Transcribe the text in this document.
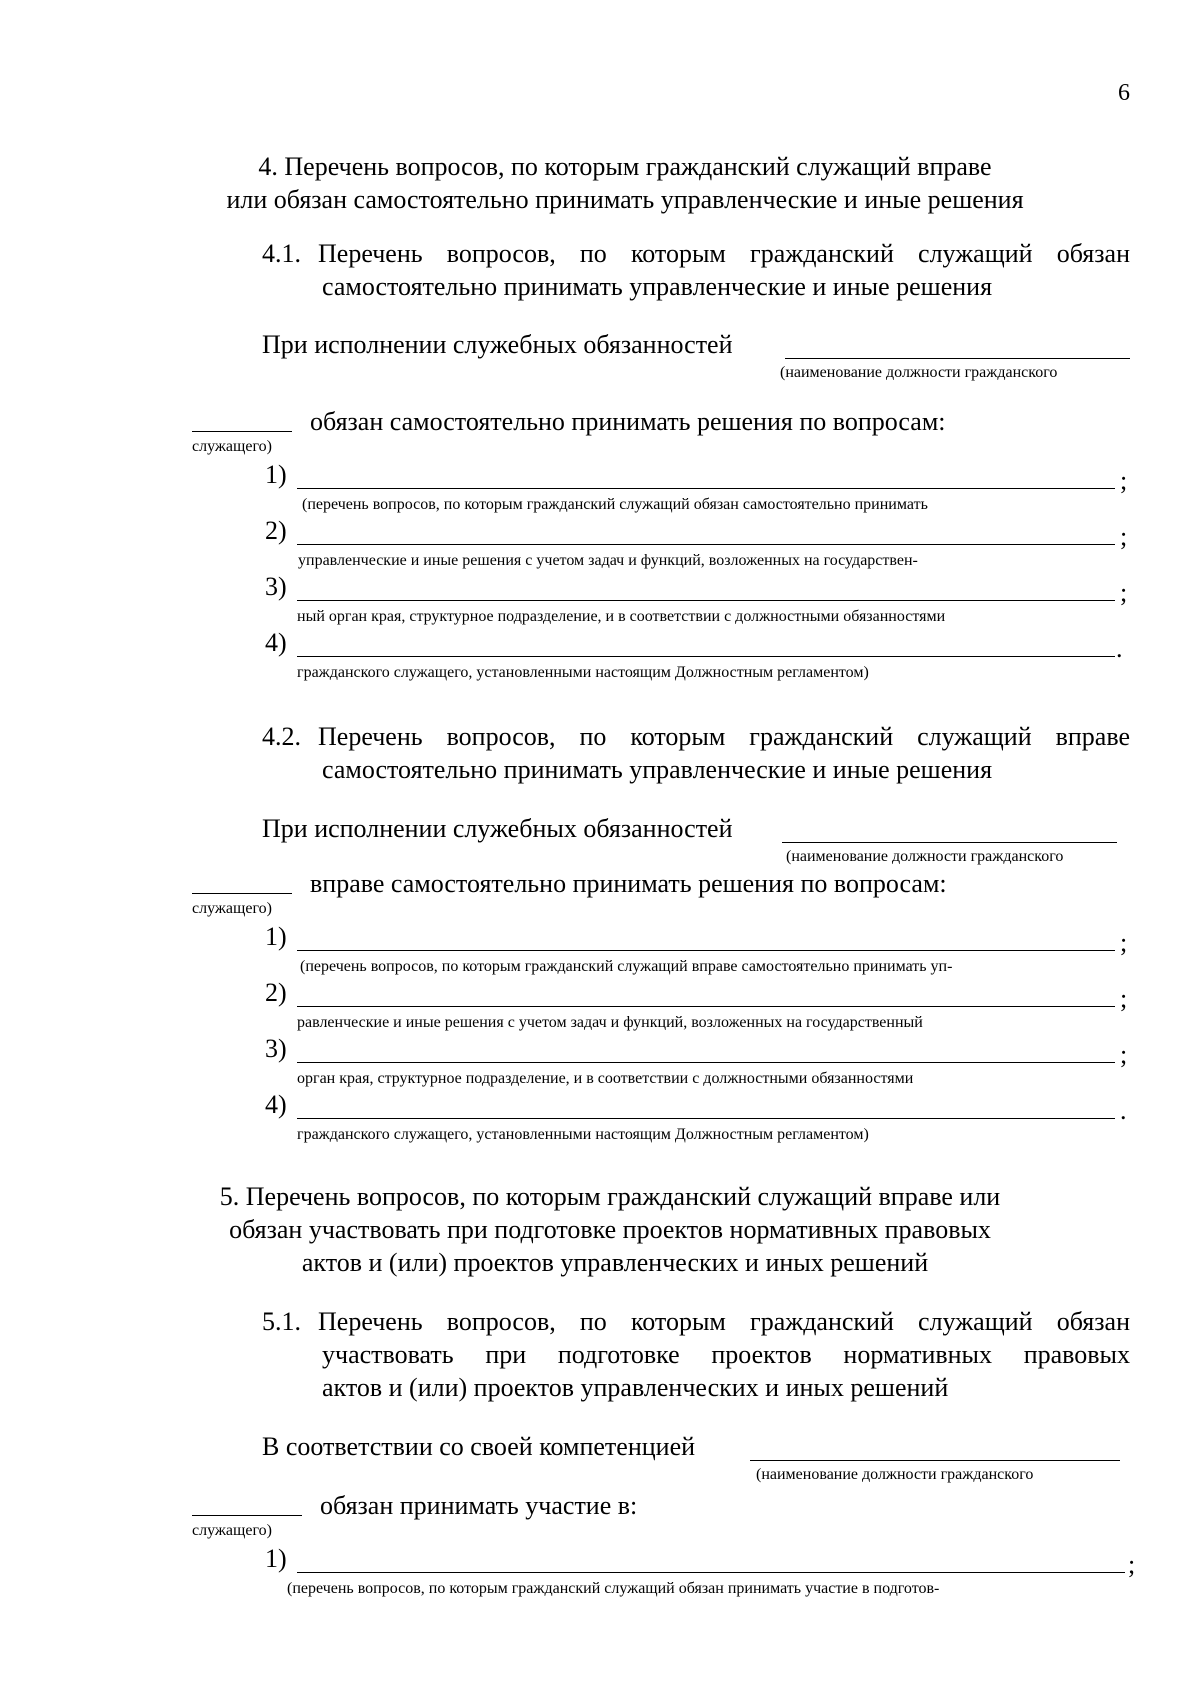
6
4. Перечень вопросов, по которым гражданский служащий вправе
или обязан самостоятельно принимать управленческие и иные решения
4.1. Перечень вопросов, по которым гражданский служащий обязан
самостоятельно принимать управленческие и иные решения
При исполнении служебных обязанностей
(наименование должности гражданского
обязан самостоятельно принимать решения по вопросам:
служащего)
1)	;
(перечень вопросов, по которым гражданский служащий обязан самостоятельно принимать
2)	;
управленческие и иные решения с учетом задач и функций, возложенных на государствен-
3)	;
ный орган края, структурное подразделение, и в соответствии с должностными обязанностями
4)	.
гражданского служащего, установленными настоящим Должностным регламентом)
4.2. Перечень вопросов, по которым гражданский служащий вправе
самостоятельно принимать управленческие и иные решения
При исполнении служебных обязанностей
(наименование должности гражданского
вправе самостоятельно принимать решения по вопросам:
служащего)
1)	;
(перечень вопросов, по которым гражданский служащий вправе самостоятельно принимать уп-
2)	;
равленческие и иные решения с учетом задач и функций, возложенных на государственный
3)	;
орган края, структурное подразделение, и в соответствии с должностными обязанностями
4)	.
гражданского служащего, установленными настоящим Должностным регламентом)
5. Перечень вопросов, по которым гражданский служащий вправе или
обязан участвовать при подготовке проектов нормативных правовых
актов и (или) проектов управленческих и иных решений
5.1. Перечень вопросов, по которым гражданский служащий обязан
участвовать при подготовке проектов нормативных правовых
актов и (или) проектов управленческих и иных решений
В соответствии со своей компетенцией
(наименование должности гражданского
обязан принимать участие в:
служащего)
1)	;
(перечень вопросов, по которым гражданский служащий обязан принимать участие в подготов-
